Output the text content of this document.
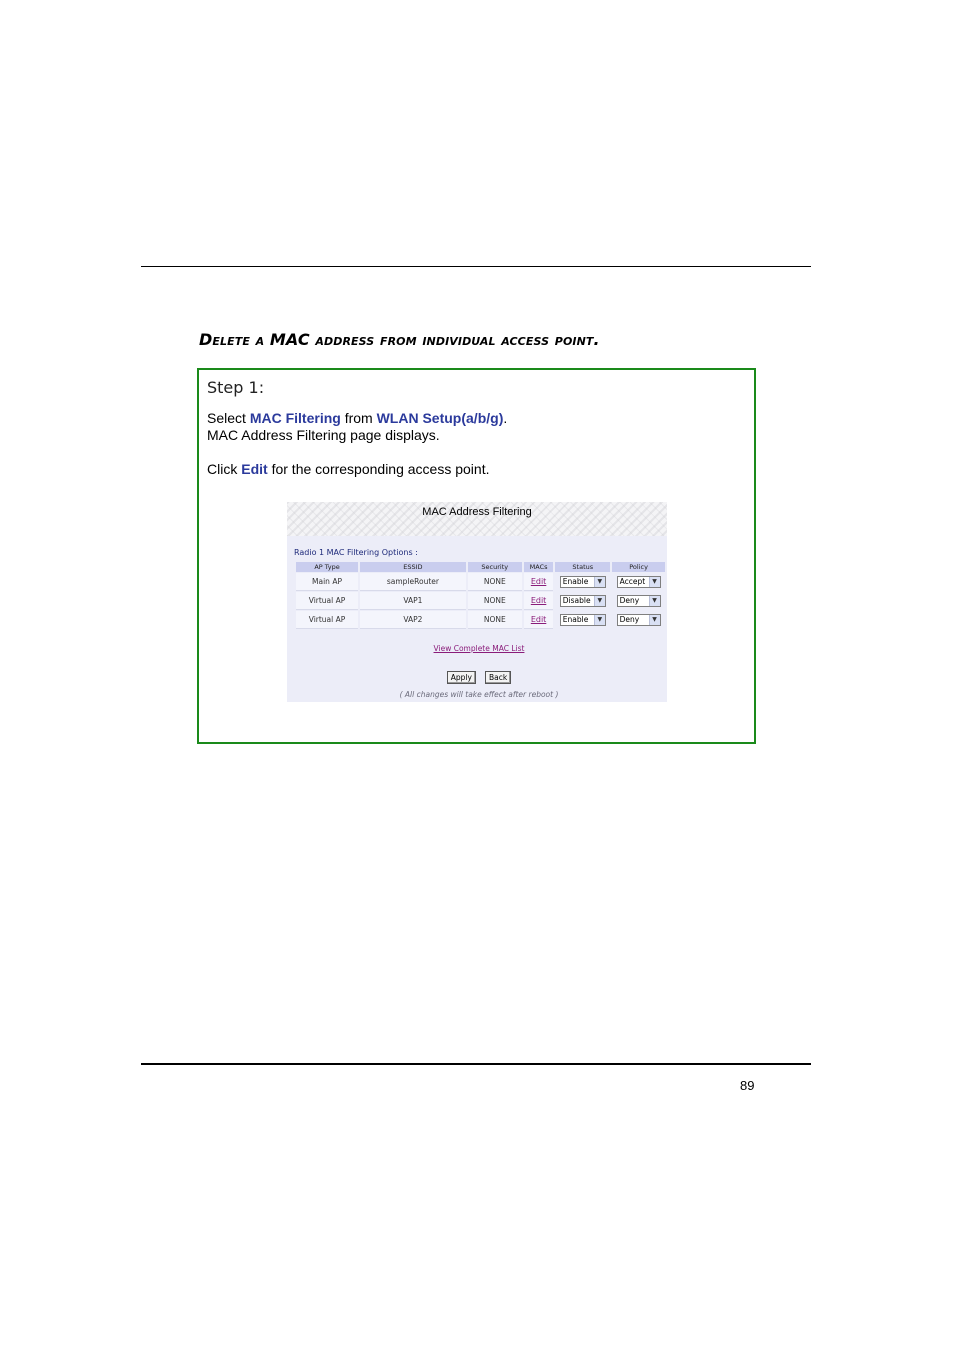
Delete a MAC address from individual access point.
Step 1:

Select MAC Filtering from WLAN Setup(a/b/g).

MAC Address Filtering page displays.

Click Edit for the corresponding access point.

MAC Address Filtering
Radio 1 MAC Filtering Options :
AP Type	ESSID	Security	MACs	Status	Policy
Main AP	sampleRouter	NONE	Edit	Enable ▼	Accept ▼

Virtual AP	VAP1	NONE	Edit	Disable ▼	Deny ▼

Virtual AP	VAP2	NONE	Edit	Enable ▼	Deny ▼
View Complete MAC List
Apply Back
( All changes will take effect after reboot )
89
